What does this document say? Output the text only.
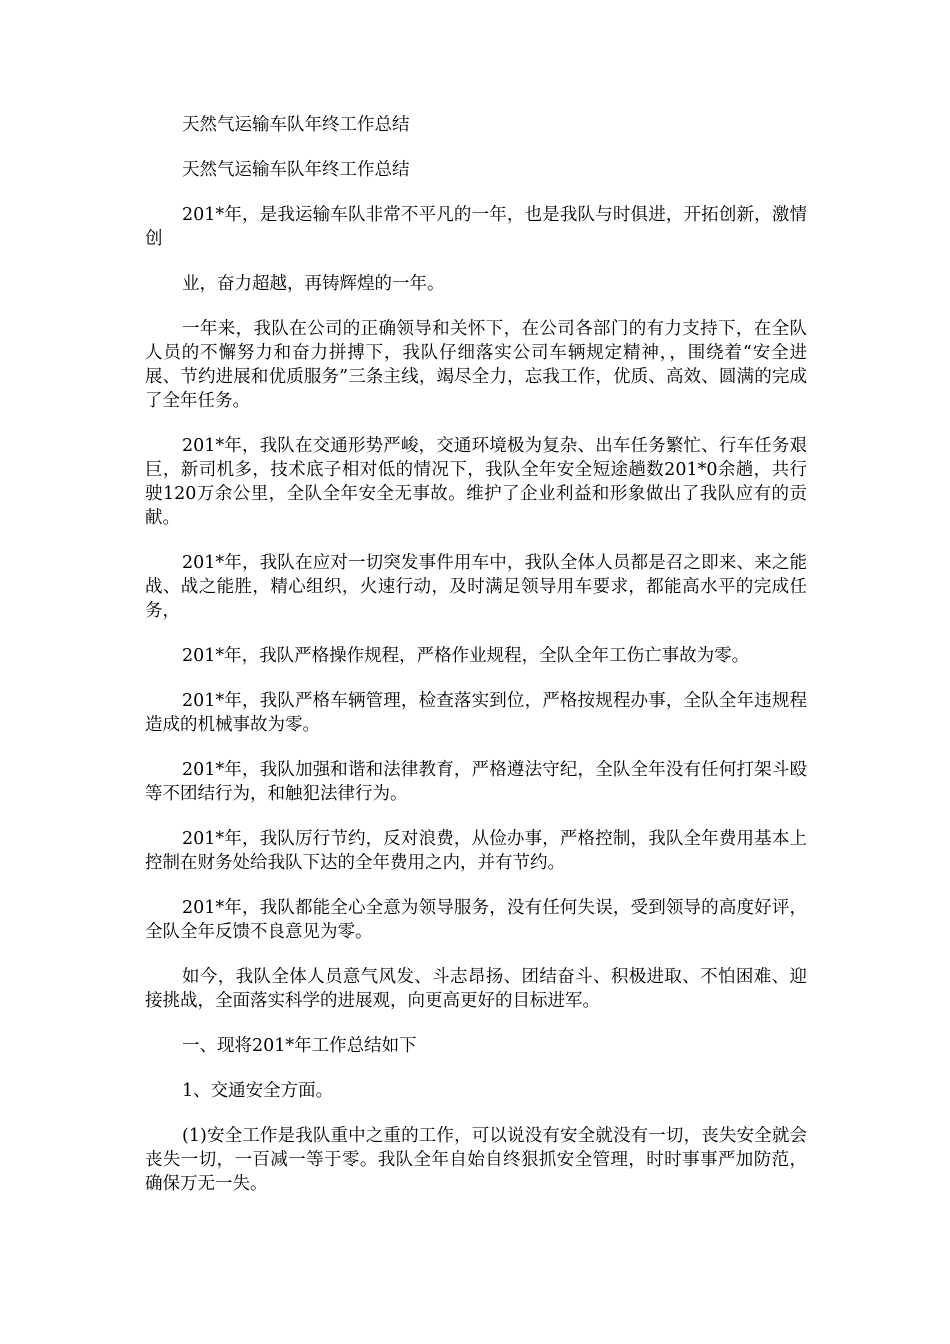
天然气运输车队年终工作总结

天然气运输车队年终工作总结

201*年，是我运输车队非常不平凡的一年，也是我队与时俱进，开拓创新，激情创

业，奋力超越，再铸辉煌的一年。

一年来，我队在公司的正确领导和关怀下，在公司各部门的有力支持下，在全队人员的不懈努力和奋力拼搏下，我队仔细落实公司车辆规定精神，，围绕着“安全进展、节约进展和优质服务”三条主线，竭尽全力，忘我工作，优质、高效、圆满的完成了全年任务。

201*年，我队在交通形势严峻，交通环境极为复杂、出车任务繁忙、行车任务艰巨，新司机多，技术底子相对低的情况下，我队全年安全短途趟数201*0余趟，共行驶120万余公里，全队全年安全无事故。维护了企业利益和形象做出了我队应有的贡献。

201*年，我队在应对一切突发事件用车中，我队全体人员都是召之即来、来之能战、战之能胜，精心组织，火速行动，及时满足领导用车要求，都能高水平的完成任务，

201*年，我队严格操作规程，严格作业规程，全队全年工伤亡事故为零。

201*年，我队严格车辆管理，检查落实到位，严格按规程办事，全队全年违规程造成的机械事故为零。

201*年，我队加强和谐和法律教育，严格遵法守纪，全队全年没有任何打架斗殴等不团结行为，和触犯法律行为。

201*年，我队厉行节约，反对浪费，从俭办事，严格控制，我队全年费用基本上控制在财务处给我队下达的全年费用之内，并有节约。

201*年，我队都能全心全意为领导服务，没有任何失误，受到领导的高度好评，全队全年反馈不良意见为零。

如今，我队全体人员意气风发、斗志昂扬、团结奋斗、积极进取、不怕困难、迎接挑战，全面落实科学的进展观，向更高更好的目标进军。

一、现将201*年工作总结如下

1、交通安全方面。

(1)安全工作是我队重中之重的工作，可以说没有安全就没有一切，丧失安全就会丧失一切，一百减一等于零。我队全年自始自终狠抓安全管理，时时事事严加防范，确保万无一失。
